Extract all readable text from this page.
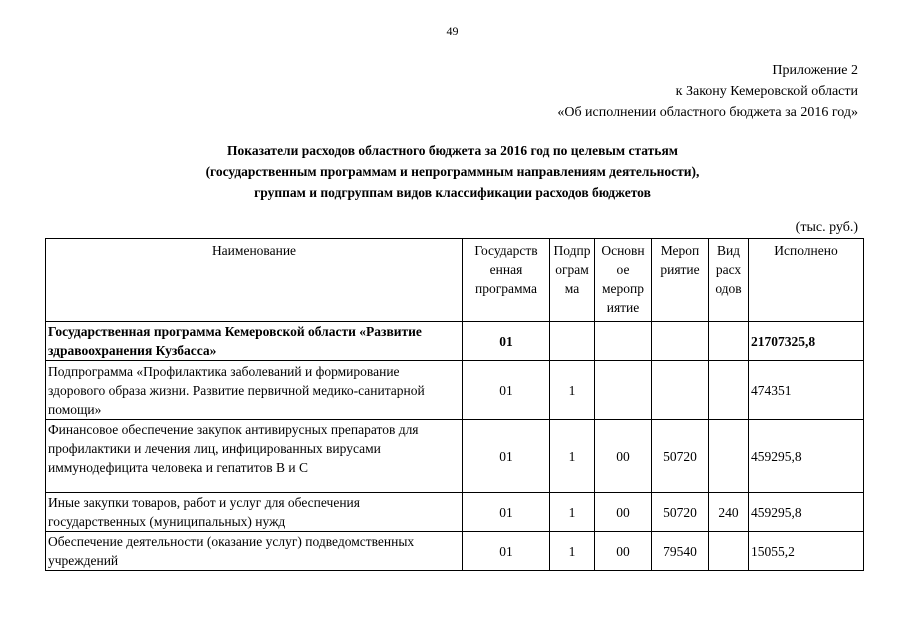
49
Приложение 2
к Закону Кемеровской области
«Об исполнении областного бюджета за 2016 год»
Показатели расходов областного бюджета за 2016 год по целевым статьям
(государственным программам и непрограммным направлениям деятельности),
группам и подгруппам видов классификации расходов бюджетов
(тыс. руб.)
Наименование	Государств енная программа	Подпр ограм ма	Основн ое меропр иятие	Мероп риятие	Вид расх одов	Исполнено
Государственная программа Кемеровской области «Развитие здравоохранения Кузбасса»	01					21707325,8
Подпрограмма «Профилактика заболеваний и формирование здорового образа жизни. Развитие первичной медико-санитарной помощи»	01	1				474351
Финансовое обеспечение закупок антивирусных препаратов для профилактики и лечения лиц, инфицированных вирусами иммунодефицита человека и гепатитов В и С	01	1	00	50720		459295,8
Иные закупки товаров, работ и услуг для обеспечения государственных (муниципальных) нужд	01	1	00	50720	240	459295,8
Обеспечение деятельности (оказание услуг) подведомственных учреждений	01	1	00	79540		15055,2
